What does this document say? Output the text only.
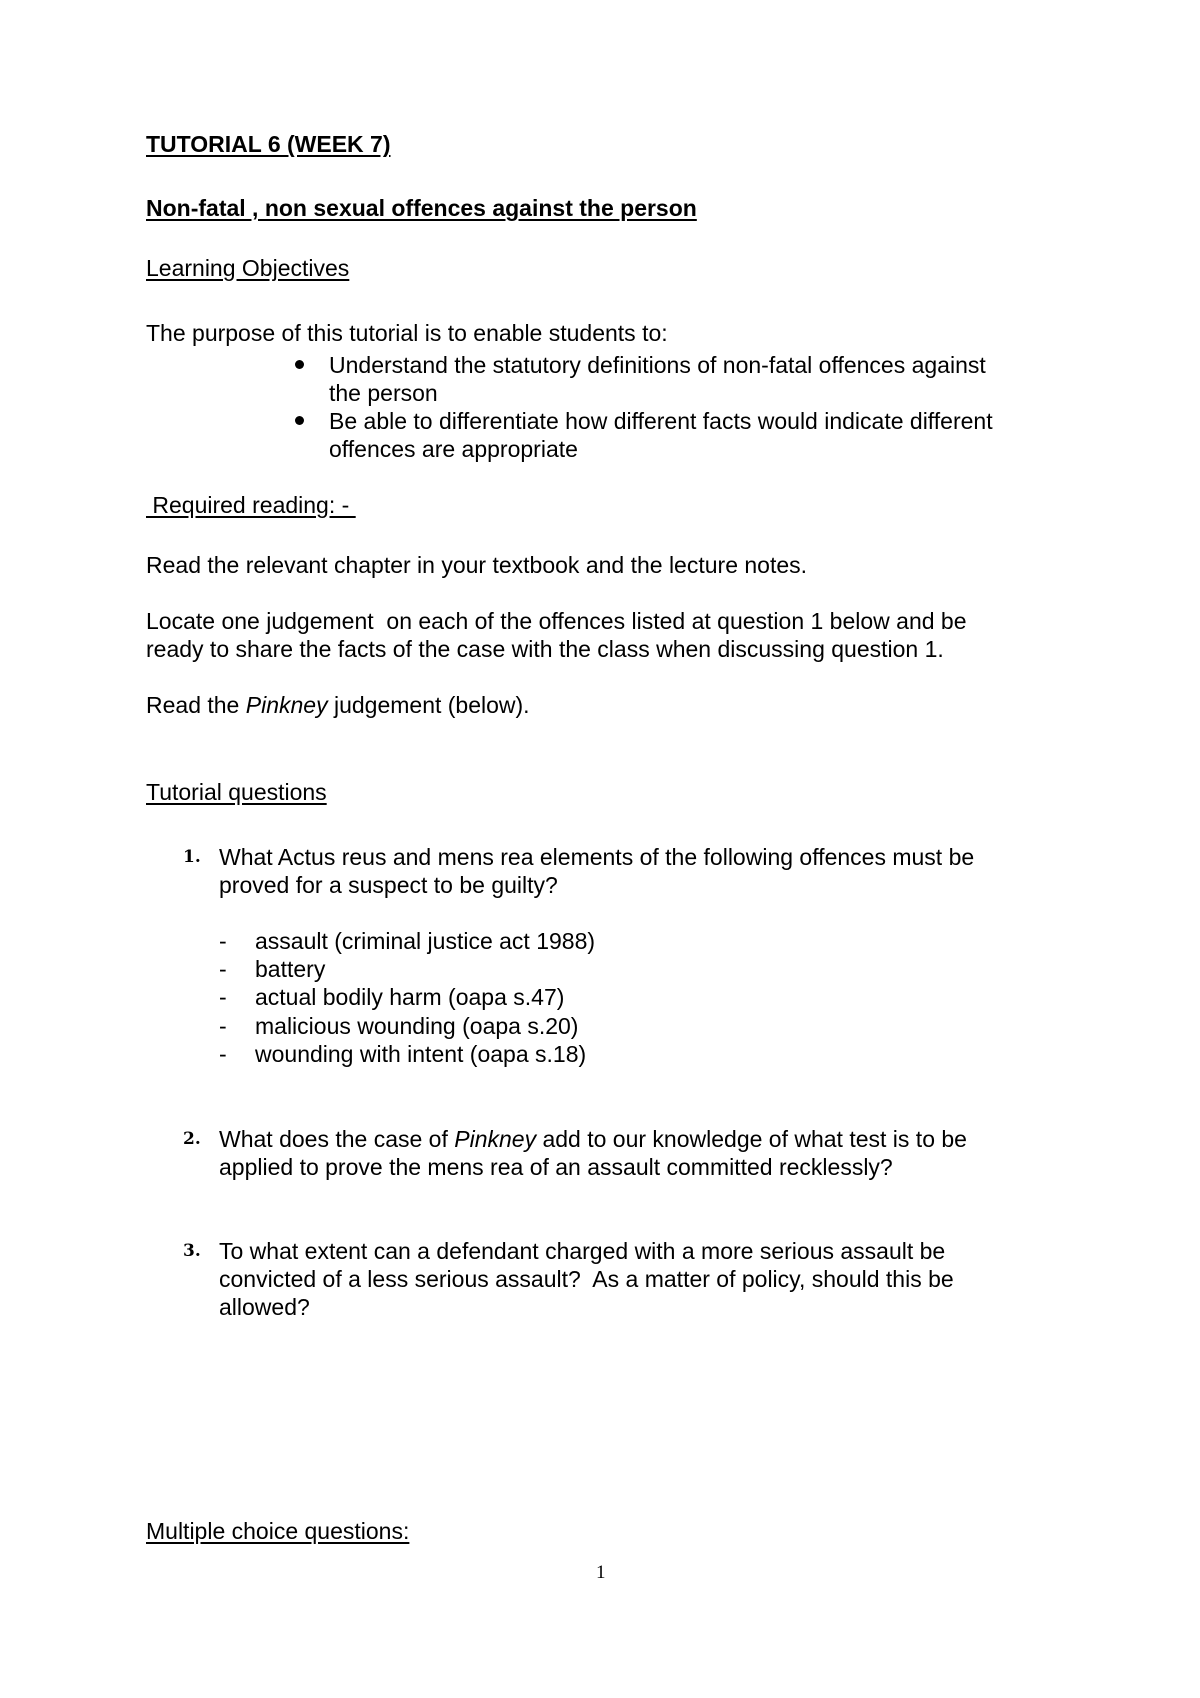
TUTORIAL 6 (WEEK 7)
Non-fatal , non sexual offences against the person
Learning Objectives
The purpose of this tutorial is to enable students to:
Understand the statutory definitions of non-fatal offences against
the person
Be able to differentiate how different facts would indicate different
offences are appropriate
Required reading: -
Read the relevant chapter in your textbook and the lecture notes.
Locate one judgement  on each of the offences listed at question 1 below and be
ready to share the facts of the case with the class when discussing question 1.
Read the Pinkney judgement (below).
Tutorial questions
1. What Actus reus and mens rea elements of the following offences must be
proved for a suspect to be guilty?
- assault (criminal justice act 1988)
- battery
- actual bodily harm (oapa s.47)
- malicious wounding (oapa s.20)
- wounding with intent (oapa s.18)
2. What does the case of Pinkney add to our knowledge of what test is to be
applied to prove the mens rea of an assault committed recklessly?
3. To what extent can a defendant charged with a more serious assault be
convicted of a less serious assault?  As a matter of policy, should this be
allowed?
Multiple choice questions:
1
